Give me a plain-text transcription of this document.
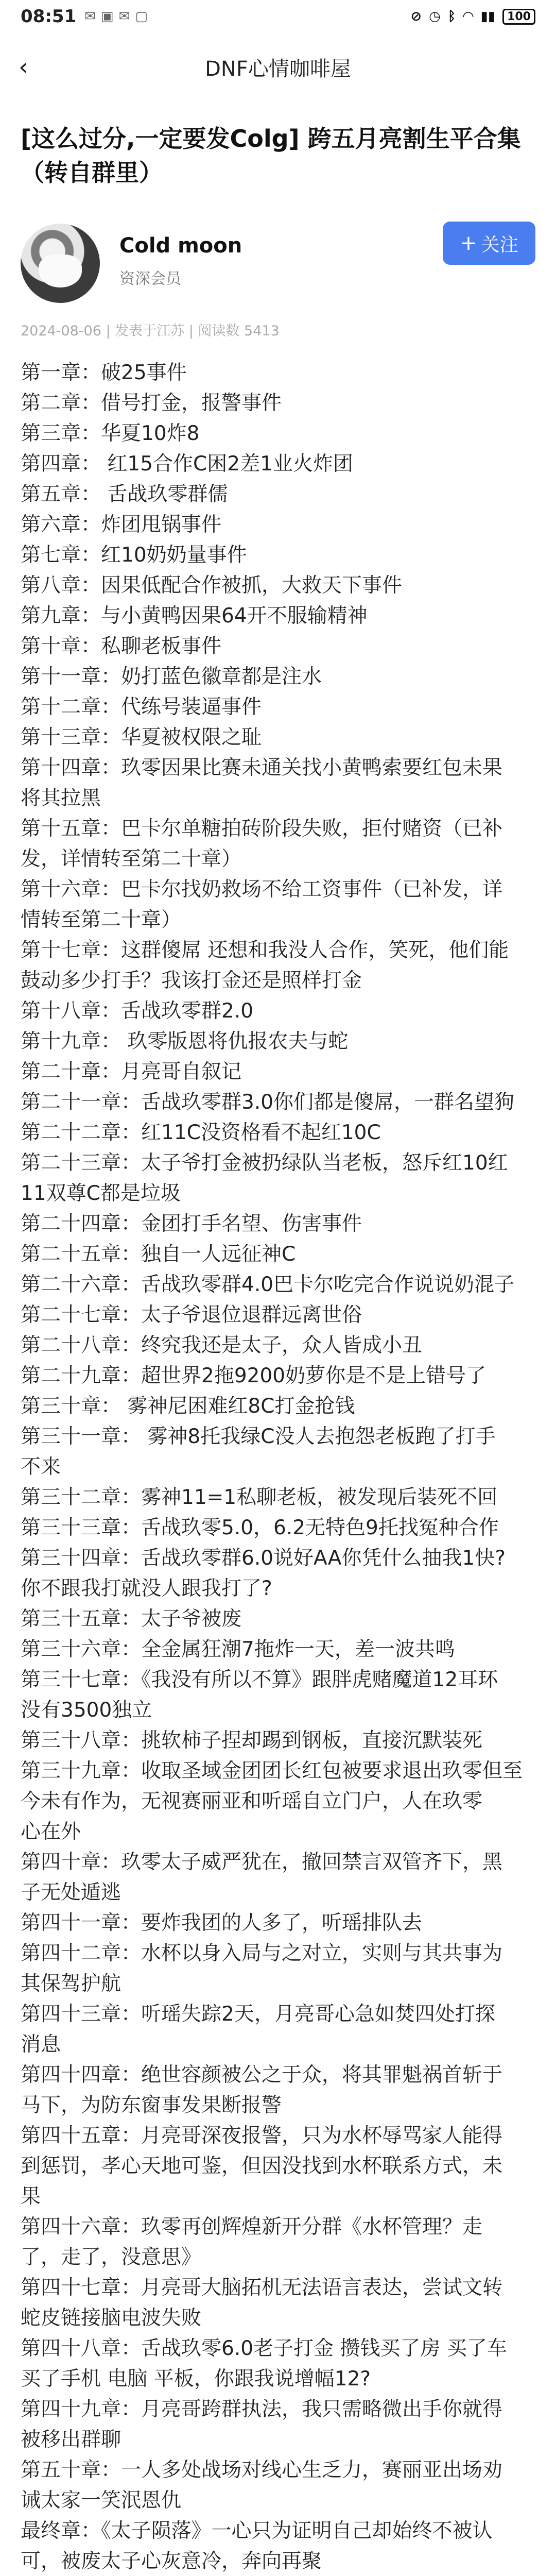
08:51 ✉ ▣ ✉ ▢	⊘ ◷ ᛒ ◠ ▮▮	100
‹	DNF心情咖啡屋
[这么过分,一定要发Colg] 跨五月亮割生平合集（转自群里）
Cold moon
资深会员
+ 关注
2024-08-06 | 发表于江苏 | 阅读数 5413
第一章：破25事件
第二章：借号打金，报警事件
第三章：华夏10炸8
第四章： 红15合作C困2差1业火炸团
第五章： 舌战玖零群儒
第六章：炸团甩锅事件
第七章：红10奶奶量事件
第八章：因果低配合作被抓，大救天下事件
第九章：与小黄鸭因果64开不服输精神
第十章：私聊老板事件
第十一章：奶打蓝色徽章都是注水
第十二章：代练号装逼事件
第十三章：华夏被权限之耻
第十四章：玖零因果比赛未通关找小黄鸭索要红包未果
将其拉黑
第十五章：巴卡尔单糖拍砖阶段失败，拒付赌资（已补
发，详情转至第二十章）
第十六章：巴卡尔找奶救场不给工资事件（已补发，详
情转至第二十章）
第十七章：这群傻屌 还想和我没人合作，笑死，他们能
鼓动多少打手？我该打金还是照样打金
第十八章：舌战玖零群2.0
第十九章： 玖零版恩将仇报农夫与蛇
第二十章：月亮哥自叙记
第二十一章：舌战玖零群3.0你们都是傻屌，一群名望狗
第二十二章：红11C没资格看不起红10C
第二十三章：太子爷打金被扔绿队当老板，怒斥红10红
11双尊C都是垃圾
第二十四章：金团打手名望、伤害事件
第二十五章：独自一人远征神C
第二十六章：舌战玖零群4.0巴卡尔吃完合作说说奶混子
第二十七章：太子爷退位退群远离世俗
第二十八章：终究我还是太子，众人皆成小丑
第二十九章：超世界2拖9200奶萝你是不是上错号了
第三十章： 雾神尼困难红8C打金抢钱
第三十一章： 雾神8托我绿C没人去抱怨老板跑了打手
不来
第三十二章：雾神11=1私聊老板，被发现后装死不回
第三十三章：舌战玖零5.0，6.2无特色9托找冤种合作
第三十四章：舌战玖零群6.0说好AA你凭什么抽我1快?
你不跟我打就没人跟我打了?
第三十五章：太子爷被废
第三十六章：全金属狂潮7拖炸一天，差一波共鸣
第三十七章：《我没有所以不算》跟胖虎赌魔道12耳环
没有3500独立
第三十八章：挑软柿子捏却踢到钢板，直接沉默装死
第三十九章：收取圣域金团团长红包被要求退出玖零但至
今未有作为，无视赛丽亚和听瑶自立门户，人在玖零
心在外
第四十章：玖零太子威严犹在，撤回禁言双管齐下，黑
子无处遁逃
第四十一章：要炸我团的人多了，听瑶排队去
第四十二章：水杯以身入局与之对立，实则与其共事为
其保驾护航
第四十三章：听瑶失踪2天，月亮哥心急如焚四处打探
消息
第四十四章：绝世容颜被公之于众，将其罪魁祸首斩于
马下，为防东窗事发果断报警
第四十五章：月亮哥深夜报警，只为水杯辱骂家人能得
到惩罚，孝心天地可鉴，但因没找到水杯联系方式，未
果
第四十六章：玖零再创辉煌新开分群《水杯管理？走
了，走了，没意思》
第四十七章：月亮哥大脑拓机无法语言表达，尝试文转
蛇皮链接脑电波失败
第四十八章：舌战玖零6.0老子打金 攒钱买了房 买了车
买了手机 电脑 平板，你跟我说增幅12?
第四十九章：月亮哥跨群执法，我只需略微出手你就得
被移出群聊
第五十章：一人多处战场对线心生乏力，赛丽亚出场劝
诫太家一笑泯恩仇
最终章：《太子陨落》一心只为证明自己却始终不被认
可，被废太子心灰意冷，奔向再聚
